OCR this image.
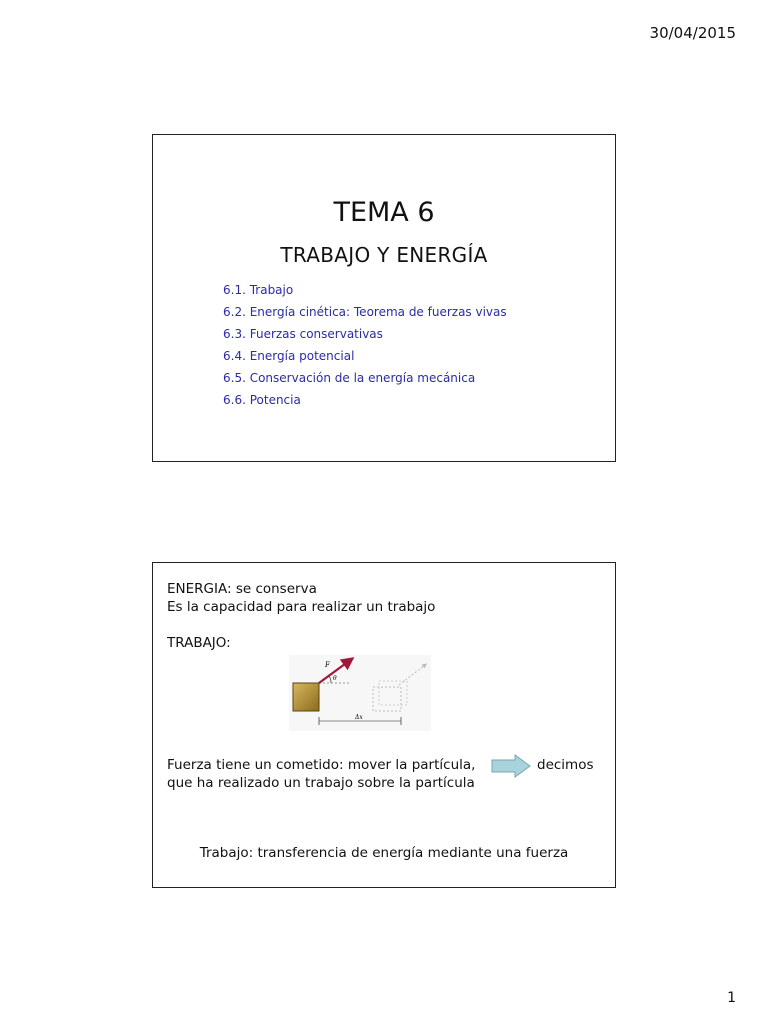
30/04/2015
TEMA 6
TRABAJO Y ENERGÍA
6.1. Trabajo
6.2. Energía cinética: Teorema de fuerzas vivas
6.3. Fuerzas conservativas
6.4. Energía potencial
6.5. Conservación de la energía mecánica
6.6. Potencia
ENERGIA: se conserva
Es la capacidad para realizar un trabajo
TRABAJO:
F
θ
Δx
Fuerza tiene un cometido: mover la partícula,	decimos
que ha realizado un trabajo sobre la partícula
Trabajo: transferencia de energía mediante una fuerza
1
